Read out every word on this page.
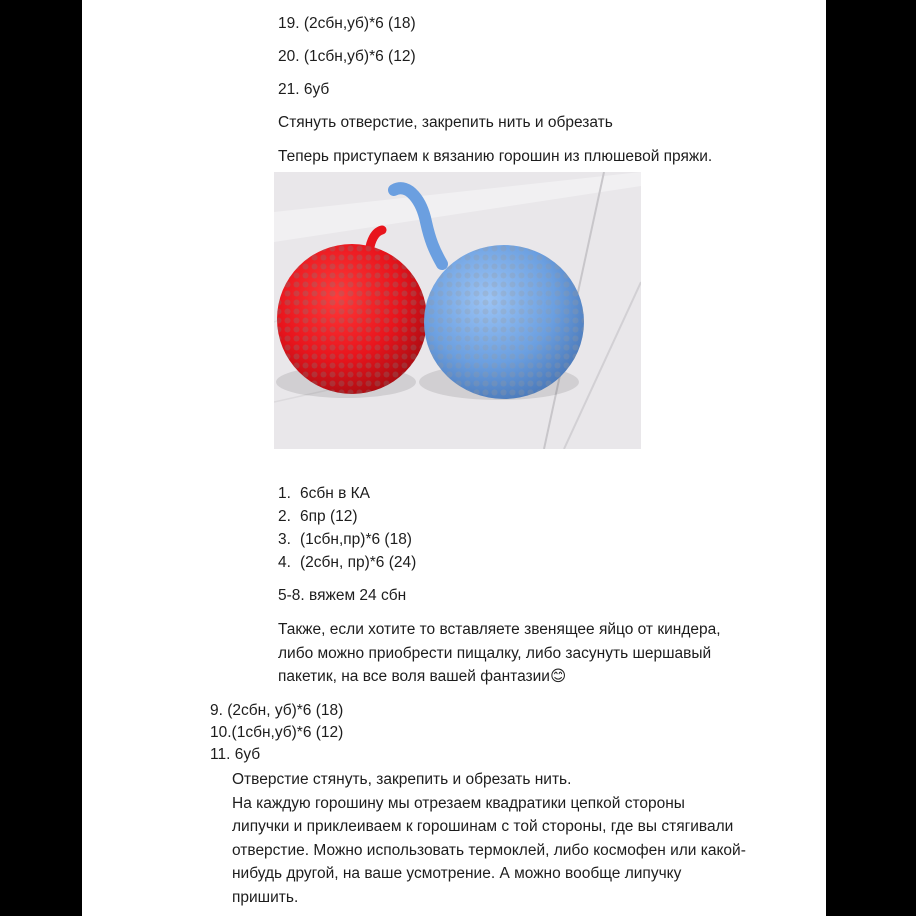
19. (2сбн,уб)*6 (18)
20. (1сбн,уб)*6 (12)
21. 6уб
Стянуть отверстие, закрепить нить и обрезать
Теперь приступаем к вязанию горошин из плюшевой пряжи.
1. 6сбн в КА
2. 6пр (12)
3. (1сбн,пр)*6 (18)
4. (2сбн, пр)*6 (24)
5-8. вяжем 24 сбн
Также, если хотите то вставляете звенящее яйцо от киндера,
либо можно приобрести пищалку, либо засунуть шершавый
пакетик, на все воля вашей фантазии😊
9. (2сбн, уб)*6 (18)
10.(1сбн,уб)*6 (12)
11. 6уб
Отверстие стянуть, закрепить и обрезать нить.
На каждую горошину мы отрезаем квадратики цепкой стороны
липучки и приклеиваем к горошинам с той стороны, где вы стягивали
отверстие. Можно использовать термоклей, либо космофен или какой-
нибудь другой, на ваше усмотрение. А можно вообще липучку
пришить.
